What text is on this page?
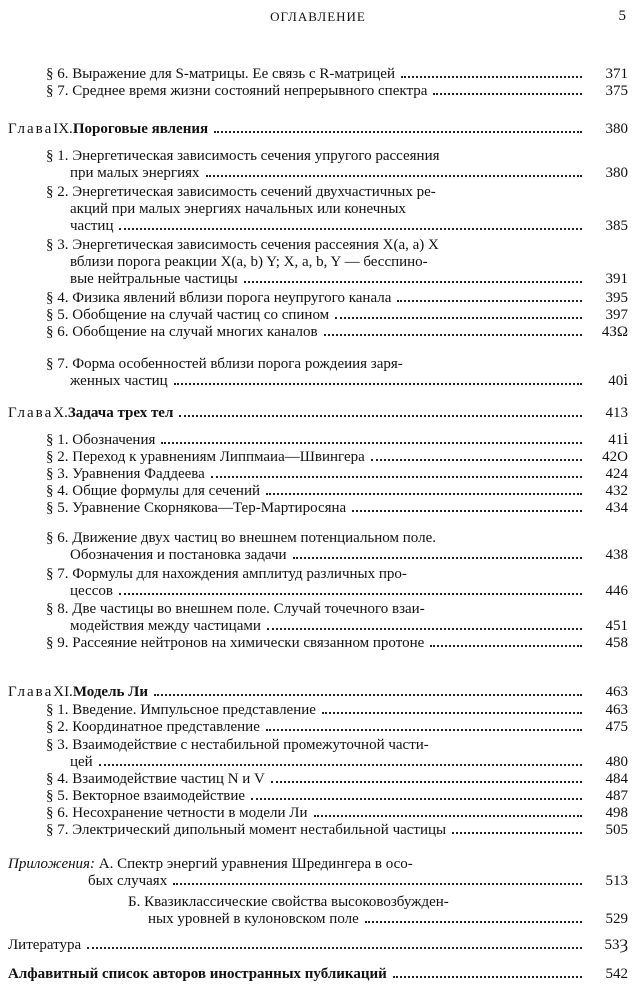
ОГЛАВЛЕНИЕ	5
§ 6. Выражение для S-матрицы. Ее связь с R-матрицей	371
§ 7. Среднее время жизни состояний непрерывного спектра	375
Глава IX. Пороговые явления	380
§ 1. Энергетическая зависимость сечения упругого рассеяния
при малых энергиях	380
§ 2. Энергетическая зависимость сечений двухчастичных ре-
акций при малых энергиях начальных или конечных
частиц	385
§ 3. Энергетическая зависимость сечения рассеяния X(a, a) X
вблизи порога реакции X(a, b) Y; X, a, b, Y — бесспино-
вые нейтральные частицы	391
§ 4. Физика явлений вблизи порога неупругого канала	395
§ 5. Обобщение на случай частиц со спином	397
§ 6. Обобщение на случай многих каналов	4ЗΩ
§ 7. Форма особенностей вблизи порога рождеиия заря-
женных частиц	40ⅰ
Глава X. Задача трех тел	413
§ 1. Обозначения	41ⅰ
§ 2. Переход к уравнениям Липпмаиа—Швингера	42Ο
§ 3. Уравнения Фаддеева	424
§ 4. Общие формулы для сечений	432
§ 5. Уравнение Скорнякова—Тер-Мартиросяна	434
§ 6. Движение двух частиц во внешнем потенциальном поле.
Обозначения и постановка задачи	438
§ 7. Формулы для нахождения амплитуд различных про-
цессов	446
§ 8. Две частицы во внешнем поле. Случай точечного взаи-
модействия между частицами	451
§ 9. Рассеяние нейтронов на химически связанном протоне	458
Глава XI. Модель Ли	463
§ 1. Введение. Импульсное представление	463
§ 2. Координатное представление	475
§ 3. Взаимодействие с нестабильной промежуточной части-
цей	480
§ 4. Взаимодействие частиц N и V	484
§ 5. Векторное взаимодействие	487
§ 6. Несохранение четности в модели Ли	498
§ 7. Электрический дипольный момент нестабильной частицы	505
Приложения: А. Спектр энергий уравнения Шредингера в осо-
бых случаях	513
Б. Квазиклассические свойства высоковозбужден-
ных уровней в кулоновском поле	529
Литература	53Ȝ
Алфавитный список авторов иностранных публикаций	542
